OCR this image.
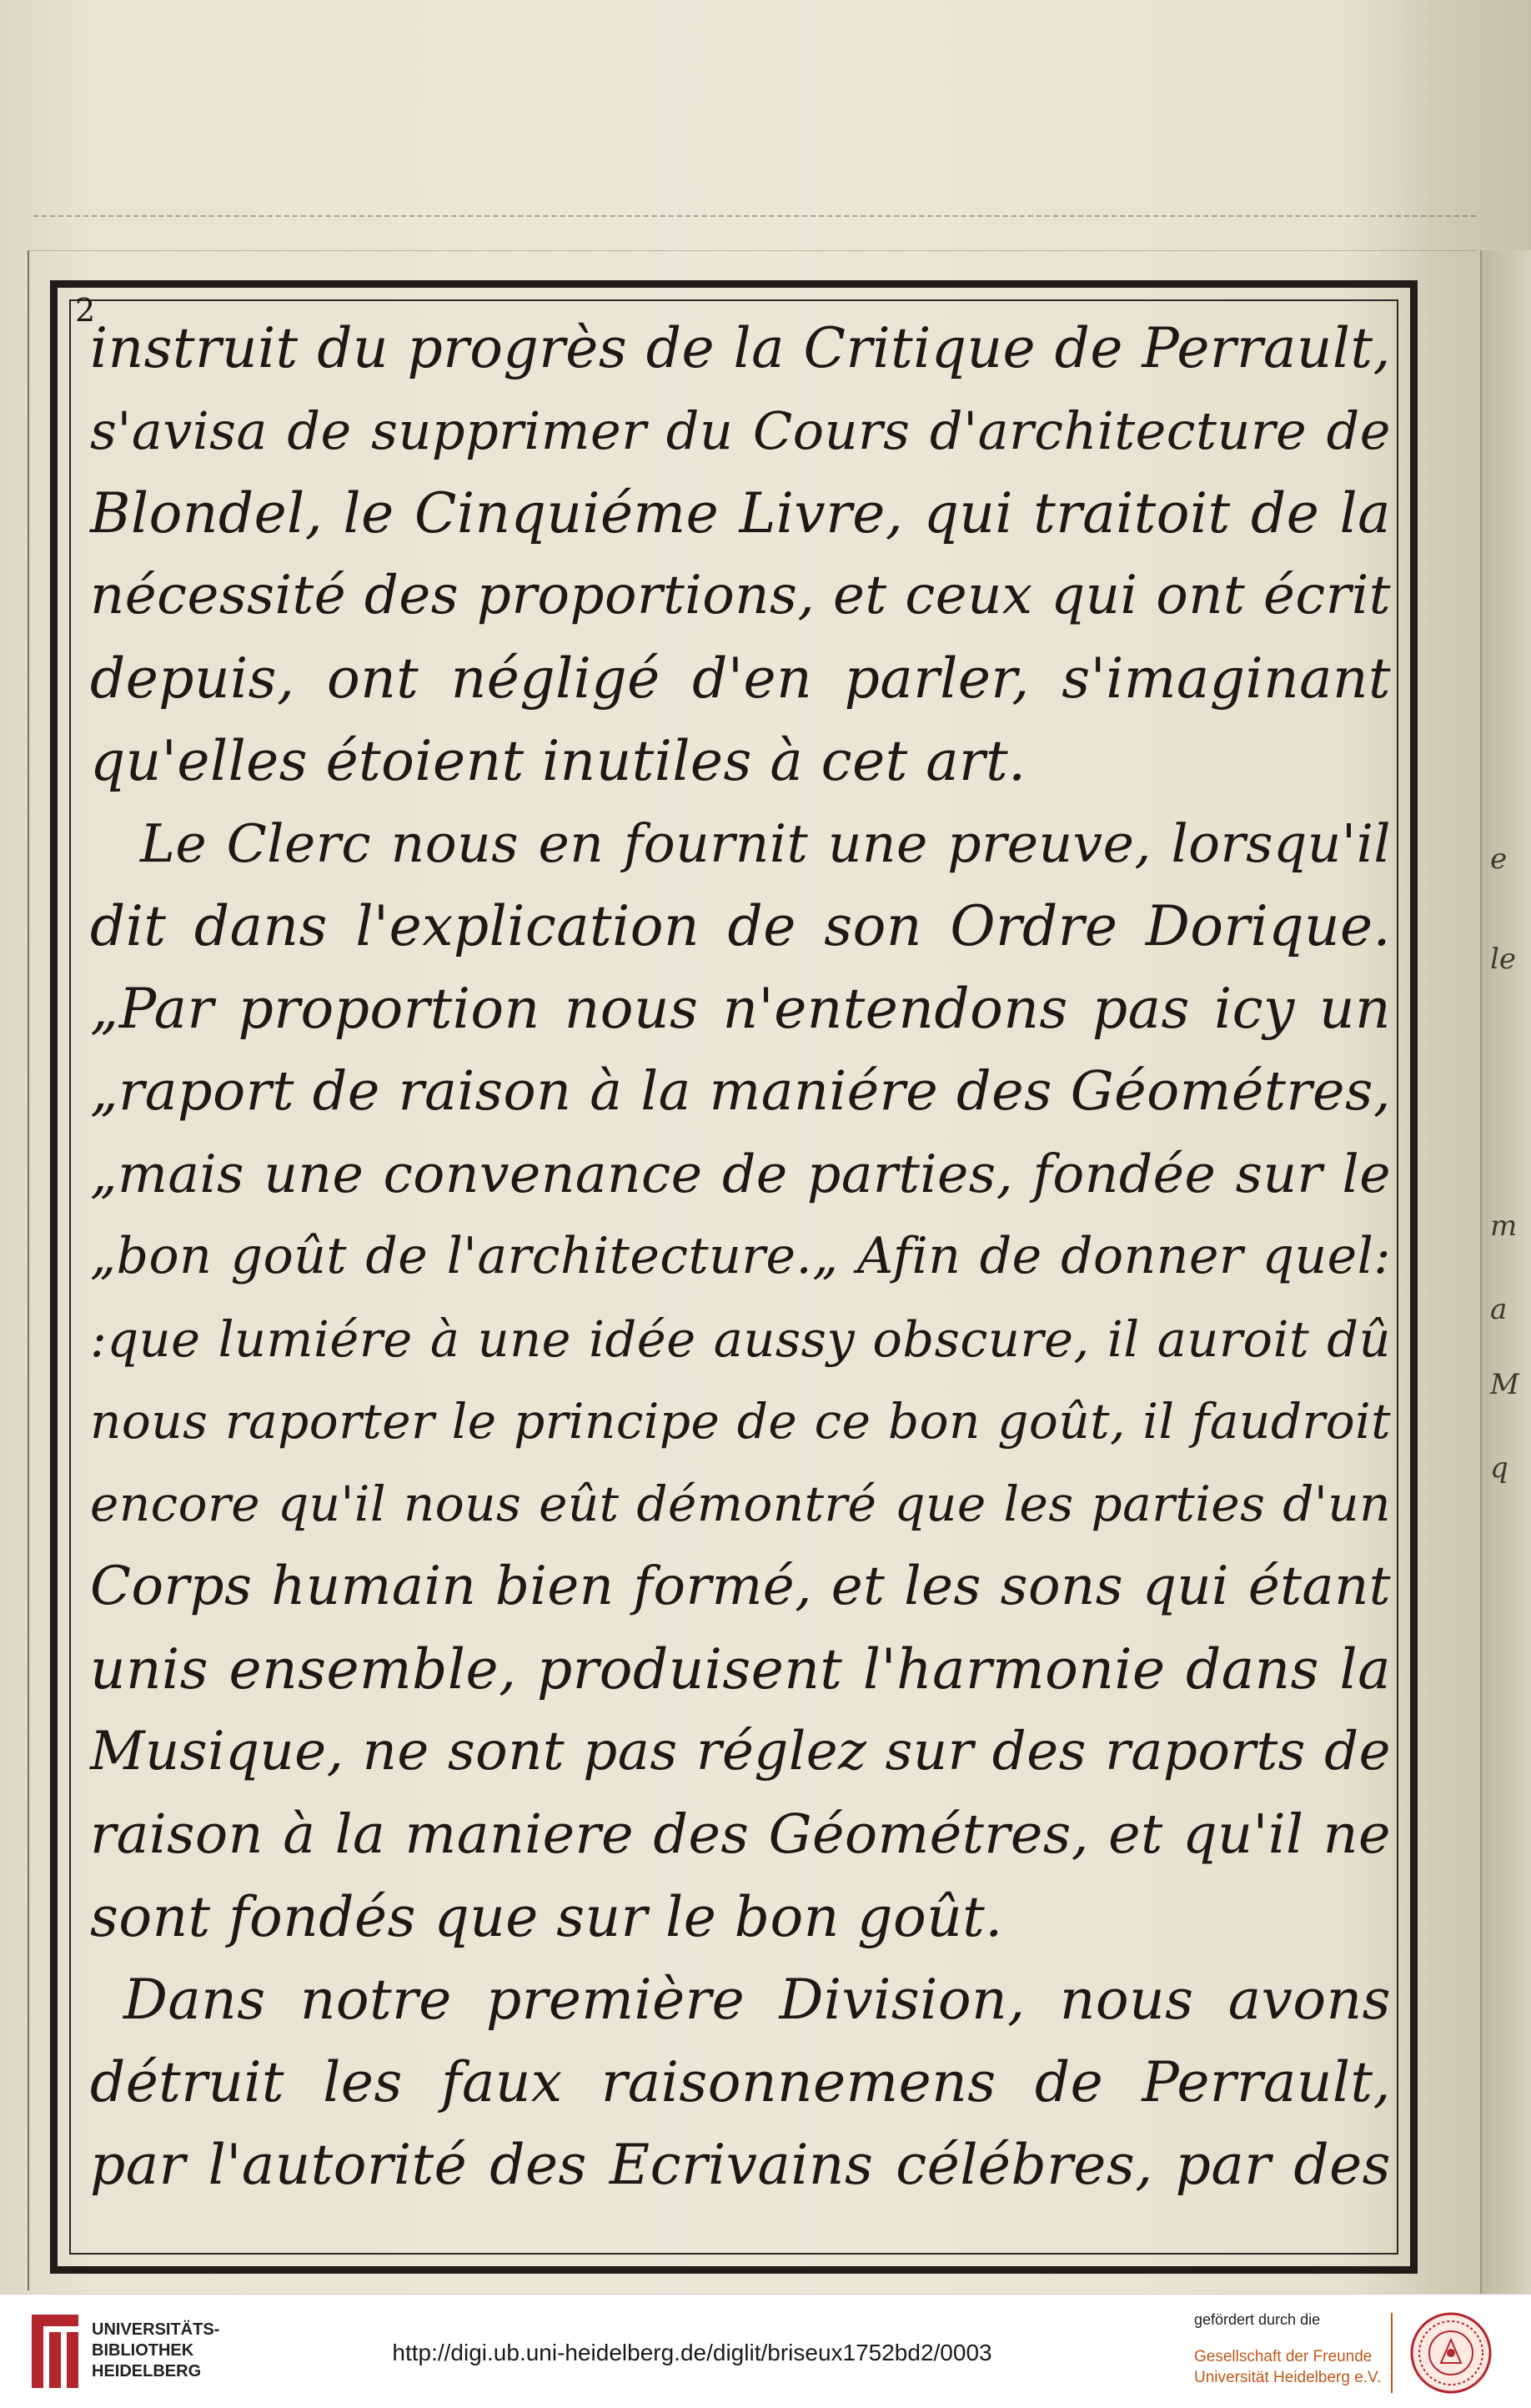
e
le
m
a
M
q
2
instruit du progrès de la Critique de Perrault,
s'avisa de supprimer du Cours d'architecture de
Blondel, le Cinquiéme Livre, qui traitoit de la
nécessité des proportions, et ceux qui ont écrit
depuis, ont négligé d'en parler, s'imaginant
qu'elles étoient inutiles à cet art.
Le Clerc nous en fournit une preuve, lorsqu'il
dit dans l'explication de son Ordre Dorique.
„Par proportion nous n'entendons pas icy un
„raport de raison à la maniére des Géométres,
„mais une convenance de parties, fondée sur le
„bon goût de l'architecture.„ Afin de donner quel:
:que lumiére à une idée aussy obscure, il auroit dû
nous raporter le principe de ce bon goût, il faudroit
encore qu'il nous eût démontré que les parties d'un
Corps humain bien formé, et les sons qui étant
unis ensemble, produisent l'harmonie dans la
Musique, ne sont pas réglez sur des raports de
raison à la maniere des Géométres, et qu'il ne
sont fondés que sur le bon goût.
Dans notre première Division, nous avons
détruit les faux raisonnemens de Perrault,
par l'autorité des Ecrivains célébres, par des
UNIVERSITÄTS-
BIBLIOTHEK
HEIDELBERG
http://digi.ub.uni-heidelberg.de/diglit/briseux1752bd2/0003
gefördert durch die
Gesellschaft der Freunde
Universität Heidelberg e.V.
